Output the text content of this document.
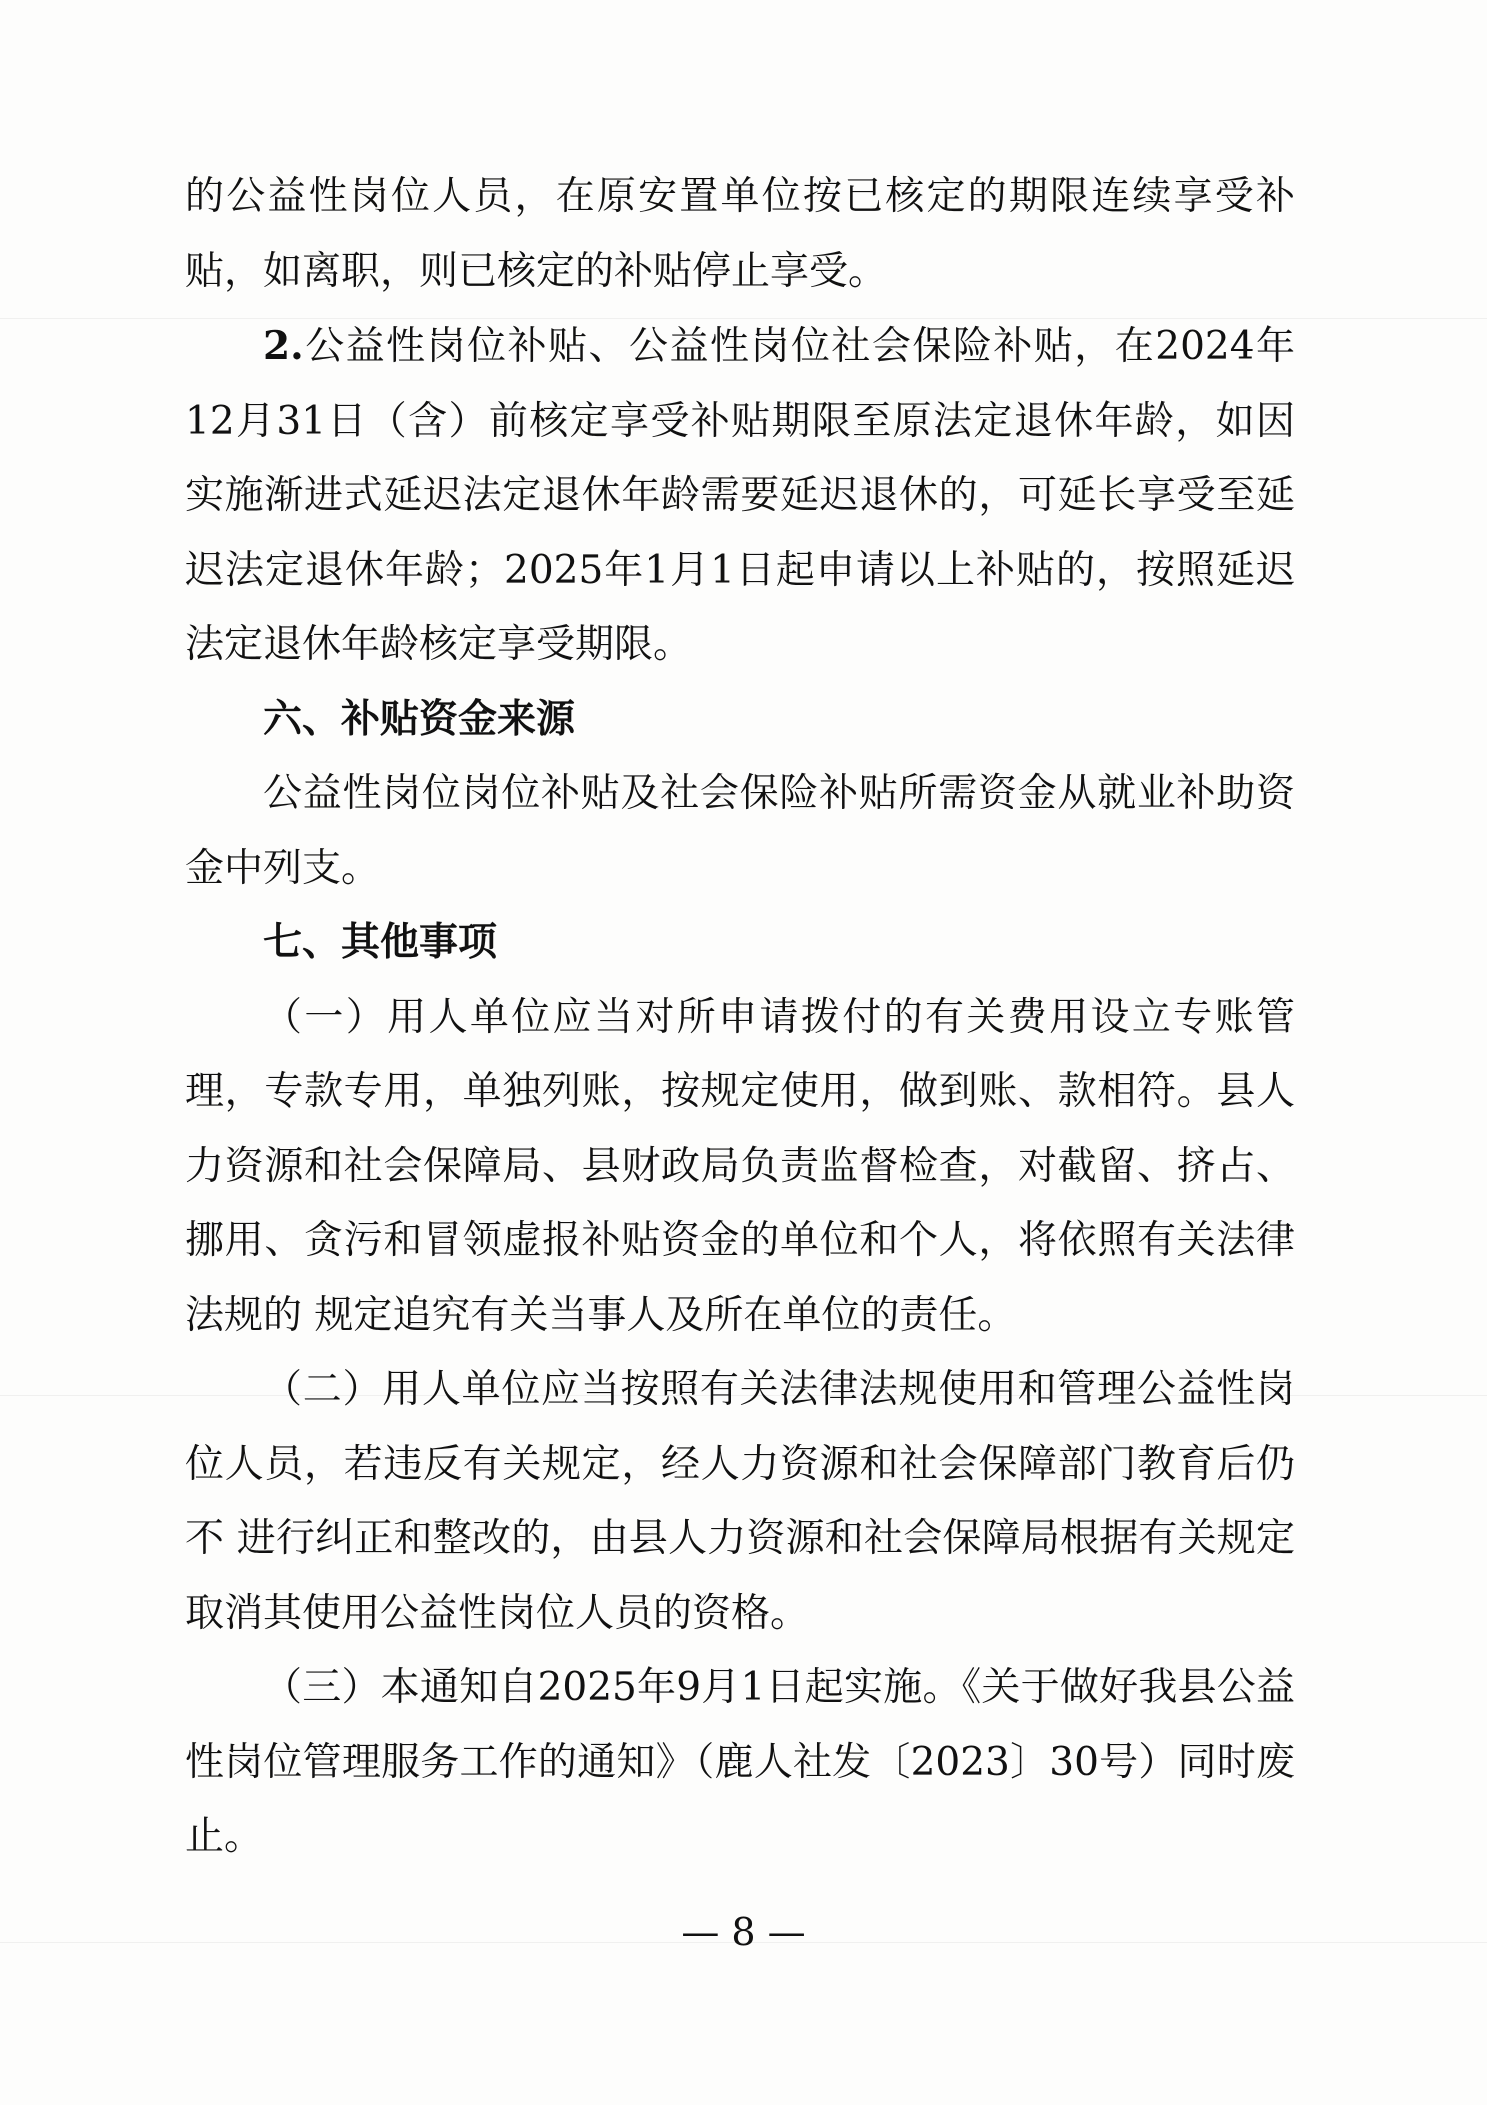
的公益性岗位人员，在原安置单位按已核定的期限连续享受补贴，如离职，则已核定的补贴停止享受。

2.公益性岗位补贴、公益性岗位社会保险补贴，在2024年12月31日（含）前核定享受补贴期限至原法定退休年龄，如因实施渐进式延迟法定退休年龄需要延迟退休的，可延长享受至延迟法定退休年龄；2025年1月1日起申请以上补贴的，按照延迟法定退休年龄核定享受期限。

六、补贴资金来源

公益性岗位岗位补贴及社会保险补贴所需资金从就业补助资金中列支。

七、其他事项

（一）用人单位应当对所申请拨付的有关费用设立专账管理，专款专用，单独列账，按规定使用，做到账、款相符。县人力资源和社会保障局、县财政局负责监督检查，对截留、挤占、挪用、贪污和冒领虚报补贴资金的单位和个人，将依照有关法律法规的 规定追究有关当事人及所在单位的责任。

（二）用人单位应当按照有关法律法规使用和管理公益性岗 位人员，若违反有关规定，经人力资源和社会保障部门教育后仍不 进行纠正和整改的，由县人力资源和社会保障局根据有关规定取消其使用公益性岗位人员的资格。

（三）本通知自2025年9月1日起实施。《关于做好我县公益性岗位管理服务工作的通知》（鹿人社发〔2023〕30号）同时废止。

— 8 —
